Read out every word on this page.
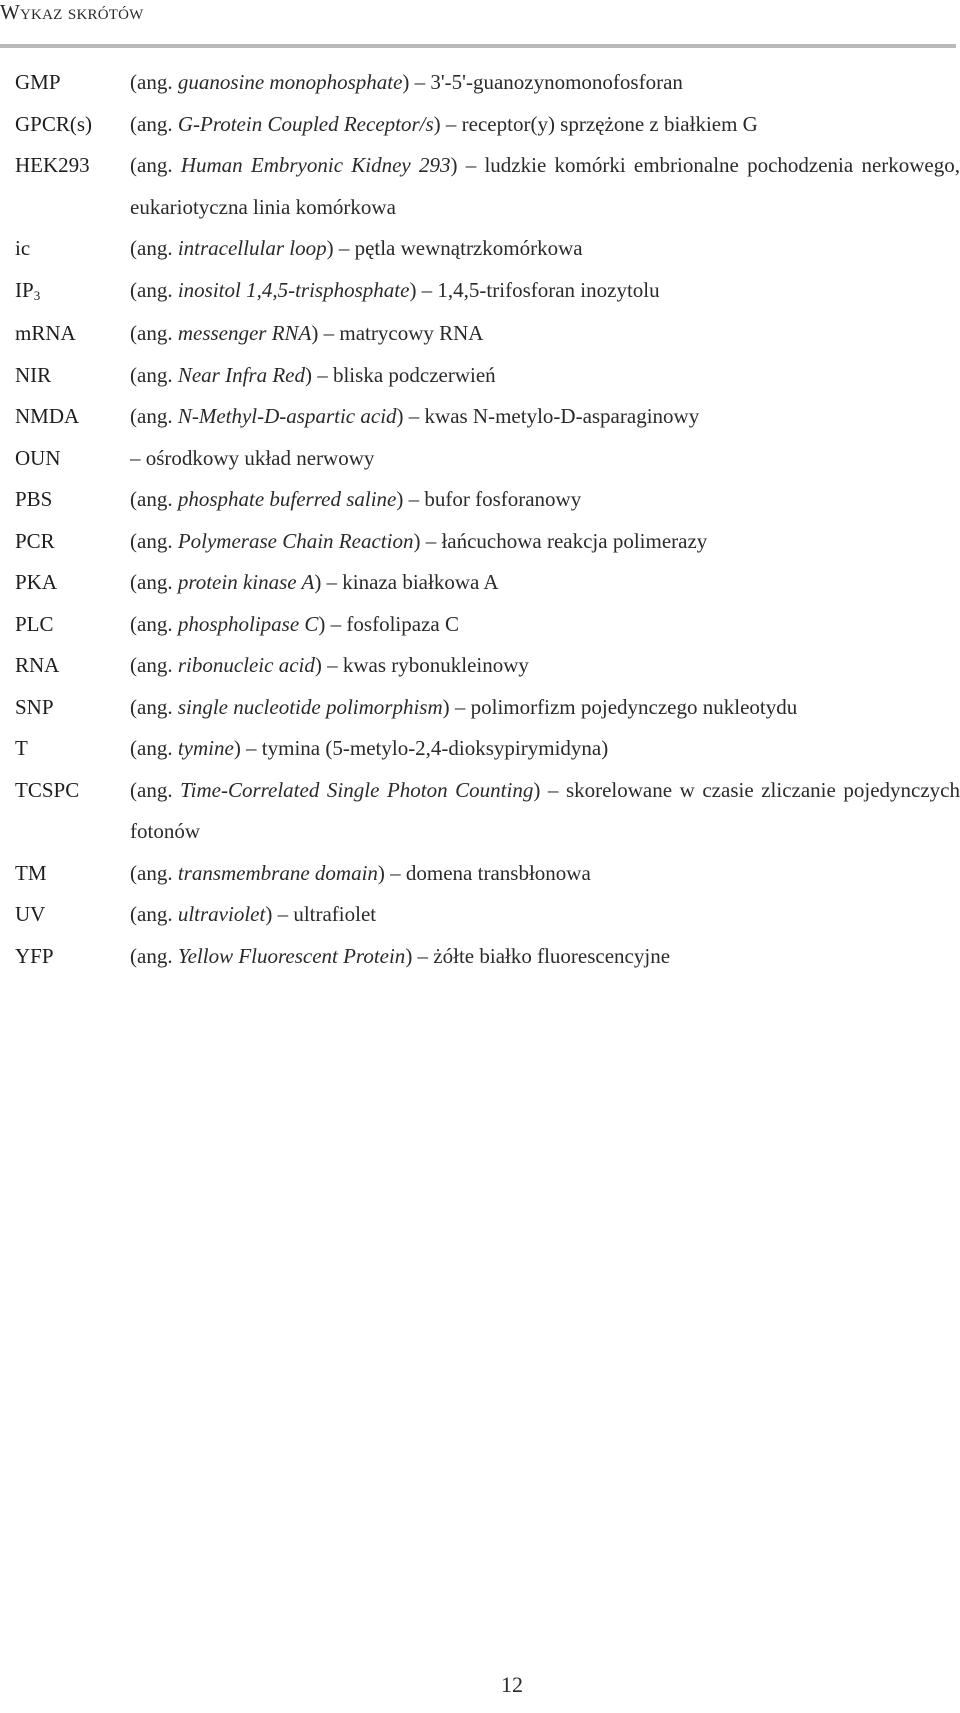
Wykaz skrótów
GMP	(ang. guanosine monophosphate) – 3'-5'-guanozynomonofosforan
GPCR(s)	(ang. G-Protein Coupled Receptor/s) – receptor(y) sprzężone z białkiem G
HEK293	(ang. Human Embryonic Kidney 293) – ludzkie komórki embrionalne pochodzenia nerkowego, eukariotyczna linia komórkowa
ic	(ang. intracellular loop) – pętla wewnątrzkomórkowa
$IP_3$	(ang. inositol 1,4,5-trisphosphate) – 1,4,5-trifosforan inozytolu
mRNA	(ang. messenger RNA) – matrycowy RNA
NIR	(ang. Near Infra Red) – bliska podczerwień
NMDA	(ang. N-Methyl-D-aspartic acid) – kwas N-metylo-D-asparaginowy
OUN	– ośrodkowy układ nerwowy
PBS	(ang. phosphate buferred saline) – bufor fosforanowy
PCR	(ang. Polymerase Chain Reaction) – łańcuchowa reakcja polimerazy
PKA	(ang. protein kinase A) – kinaza białkowa A
PLC	(ang. phospholipase C) – fosfolipaza C
RNA	(ang. ribonucleic acid) – kwas rybonukleinowy
SNP	(ang. single nucleotide polimorphism) – polimorfizm pojedynczego nukleotydu
T	(ang. tymine) – tymina (5-metylo-2,4-dioksypirymidyna)
TCSPC	(ang. Time-Correlated Single Photon Counting) – skorelowane w czasie zliczanie pojedynczych fotonów
TM	(ang. transmembrane domain) – domena transbłonowa
UV	(ang. ultraviolet) – ultrafiolet
YFP	(ang. Yellow Fluorescent Protein) – żółte białko fluorescencyjne
12
